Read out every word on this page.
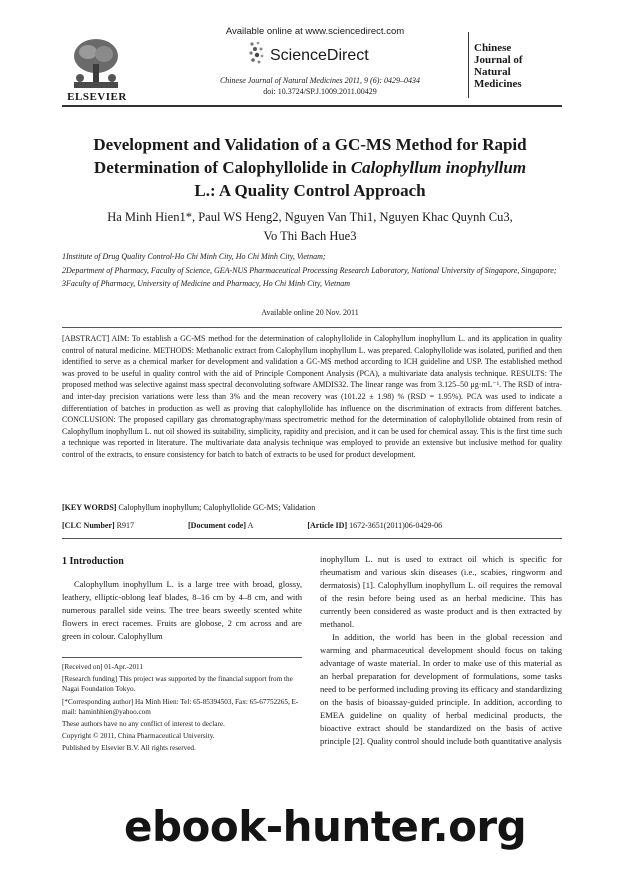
ELSEVIER
Available online at www.sciencedirect.com
ScienceDirect
Chinese Journal of Natural Medicines 2011, 9 (6): 0429–0434
doi: 10.3724/SP.J.1009.2011.00429
Chinese
Journal of
Natural
Medicines
Development and Validation of a GC-MS Method for Rapid
Determination of Calophyllolide in Calophyllum inophyllum
L.: A Quality Control Approach
Ha Minh Hien1*, Paul WS Heng2, Nguyen Van Thi1, Nguyen Khac Quynh Cu3,
Vo Thi Bach Hue3

1Institute of Drug Quality Control-Ho Chi Minh City, Ho Chi Minh City, Vietnam;

2Department of Pharmacy, Faculty of Science, GEA-NUS Pharmaceutical Processing Research Laboratory, National University of Singapore, Singapore;

3Faculty of Pharmacy, University of Medicine and Pharmacy, Ho Chi Minh City, Vietnam

Available online 20 Nov. 2011
[ABSTRACT] AIM: To establish a GC-MS method for the determination of calophyllolide in Calophyllum inophyllum L. and its application in quality control of natural medicine. METHODS: Methanolic extract from Calophyllum inophyllum L. was prepared. Calophyllolide was isolated, purified and then identified to serve as a chemical marker for development and validation a GC-MS method according to ICH guideline and USP. The established method was proved to be useful in quality control with the aid of Principle Component Analysis (PCA), a multivariate data analysis technique. RESULTS: The proposed method was selective against mass spectral deconvoluting software AMDIS32. The linear range was from 3.125–50 μg·mL⁻¹. The RSD of intra-and inter-day precision variations were less than 3% and the mean recovery was (101.22 ± 1.98) % (RSD = 1.95%). PCA was used to indicate a differentiation of batches in production as well as proving that calophyllolide has influence on the discrimination of extracts from different batches. CONCLUSION: The proposed capillary gas chromatography/mass spectrometric method for the determination of calophyllolide obtained from resin of Calophyllum inophyllum L. nut oil showed its suitability, simplicity, rapidity and precision, and it can be used for chemical assay. This is the first time such a technique was reported in literature. The multivariate data analysis technique was employed to provide an extensive but inclusive method for quality control of the extracts, to ensure consistency for batch to batch of extracts to be used for product development.
[KEY WORDS] Calophyllum inophyllum; Calophyllolide GC-MS; Validation
[CLC Number] R917	[Document code] A	[Article ID] 1672-3651(2011)06-0429-06
1 Introduction

Calophyllum inophyllum L. is a large tree with broad, glossy, leathery, elliptic-oblong leaf blades, 8–16 cm by 4–8 cm, and with numerous parallel side veins. The tree bears sweetly scented white flowers in erect racemes. Fruits are globose, 2 cm across and are green in colour. Calophyllum

inophyllum L. nut is used to extract oil which is specific for rheumatism and various skin diseases (i.e., scabies, ringworm and dermatosis) [1]. Calophyllum inophyllum L. oil requires the removal of the resin before being used as an herbal medicine. This has currently been considered as waste product and is then extracted by methanol.

In addition, the world has been in the global recession and warming and pharmaceutical development should focus on taking advantage of waste material. In order to make use of this material as an herbal preparation for development of formulations, some tasks need to be performed including proving its efficacy and standardizing on the basis of bioassay-guided principle. In addition, according to EMEA guideline on quality of herbal medicinal products, the bioactive extract should be standardized on the basis of active principle [2]. Quality control should include both quantitative analysis

[Received on] 01-Apr.-2011

[Research funding] This project was supported by the financial support from the Nagai Foundation Tokyo.

[*Corresponding author] Ha Minh Hien: Tel: 65-85394503, Fax: 65-67752265, E-mail: haminhhien@yahoo.com

These authors have no any conflict of interest to declare.

Copyright © 2011, China Pharmaceutical University.

Published by Elsevier B.V. All rights reserved.

ebook-hunter.org
